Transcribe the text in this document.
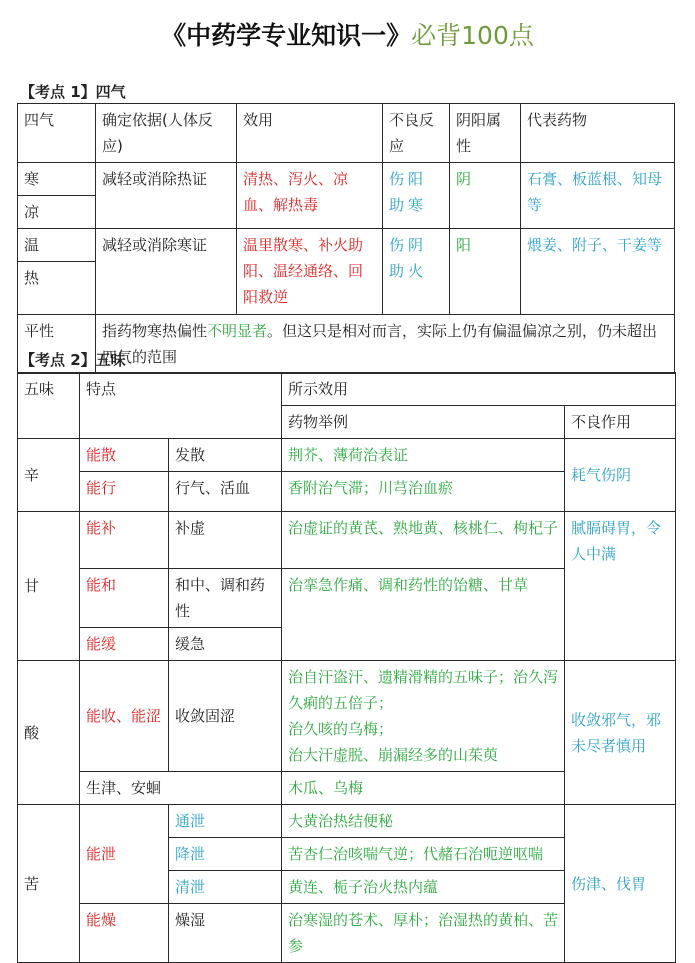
《中药学专业知识一》必背100点
【考点 1】四气
四气	确定依据(人体反应)	效用	不良反应	阴阳属性	代表药物
寒	减轻或消除热证	清热、泻火、凉血、解热毒	伤阳助寒	阴	石膏、板蓝根、知母等
凉					
温	减轻或消除寒证	温里散寒、补火助阳、温经通络、回阳救逆	伤阴助火	阳	煨姜、附子、干姜等
热					
平性	指药物寒热偏性不明显者。但这只是相对而言，实际上仍有偏温偏凉之别，仍未超出四气的范围				
【考点 2】五味
五味	特点		所示效用	
			药物举例	不良作用
辛	能散	发散	荆芥、薄荷治表证	耗气伤阴
	能行	行气、活血	香附治气滞；川芎治血瘀	
甘	能补	补虚	治虚证的黄芪、熟地黄、核桃仁、枸杞子	腻膈碍胃，令人中满
	能和	和中、调和药性	治挛急作痛、调和药性的饴糖、甘草	
	能缓	缓急		
酸	能收、能涩	收敛固涩	治自汗盗汗、遗精滑精的五味子；治久泻久痢的五倍子；
治久咳的乌梅；
治大汗虚脱、崩漏经多的山茱萸	收敛邪气，邪未尽者慎用
	生津、安蛔		木瓜、乌梅	
苦	能泄	通泄	大黄治热结便秘	伤津、伐胃
		降泄	苦杏仁治咳喘气逆；代赭石治呃逆呕喘	
		清泄	黄连、栀子治火热内蕴	
	能燥	燥湿	治寒湿的苍术、厚朴；治湿热的黄柏、苦参	
